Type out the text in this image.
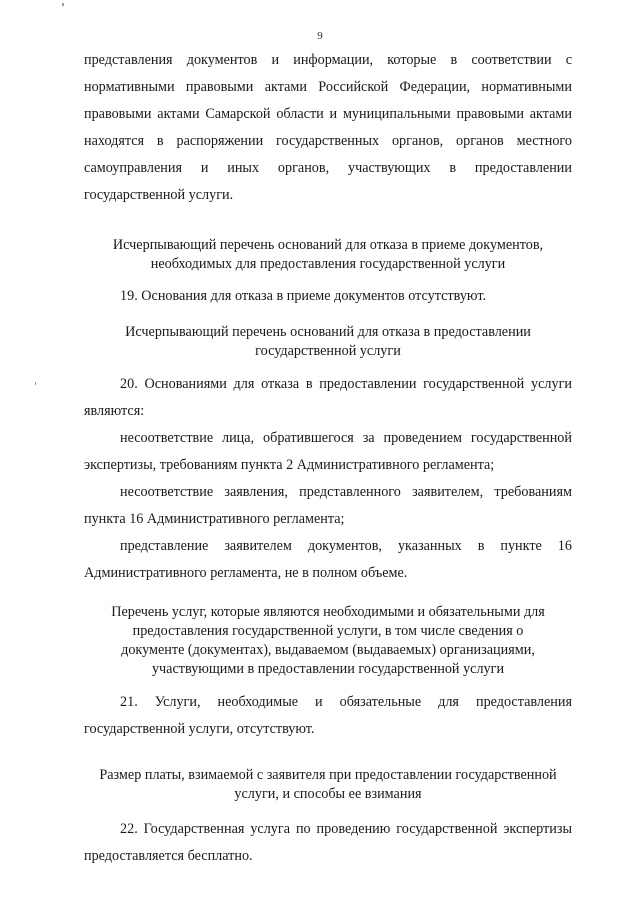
9
представления документов и информации, которые в соответствии с нормативными правовыми актами Российской Федерации, нормативными правовыми актами Самарской области и муниципальными правовыми актами находятся в распоряжении государственных органов, органов местного самоуправления и иных органов, участвующих в предоставлении государственной услуги.
Исчерпывающий перечень оснований для отказа в приеме документов,
необходимых для предоставления государственной услуги
19. Основания для отказа в приеме документов отсутствуют.
Исчерпывающий перечень оснований для отказа в предоставлении
государственной услуги
20. Основаниями для отказа в предоставлении государственной услуги являются:
несоответствие лица, обратившегося за проведением государственной экспертизы, требованиям пункта 2 Административного регламента;
несоответствие заявления, представленного заявителем, требованиям пункта 16 Административного регламента;
представление заявителем документов, указанных в пункте 16 Административного регламента, не в полном объеме.
Перечень услуг, которые являются необходимыми и обязательными для
предоставления государственной услуги, в том числе сведения о
документе (документах), выдаваемом (выдаваемых) организациями,
участвующими в предоставлении государственной услуги
21. Услуги, необходимые и обязательные для предоставления государственной услуги, отсутствуют.
Размер платы, взимаемой с заявителя при предоставлении государственной
услуги, и способы ее взимания
22. Государственная услуга по проведению государственной экспертизы предоставляется бесплатно.
